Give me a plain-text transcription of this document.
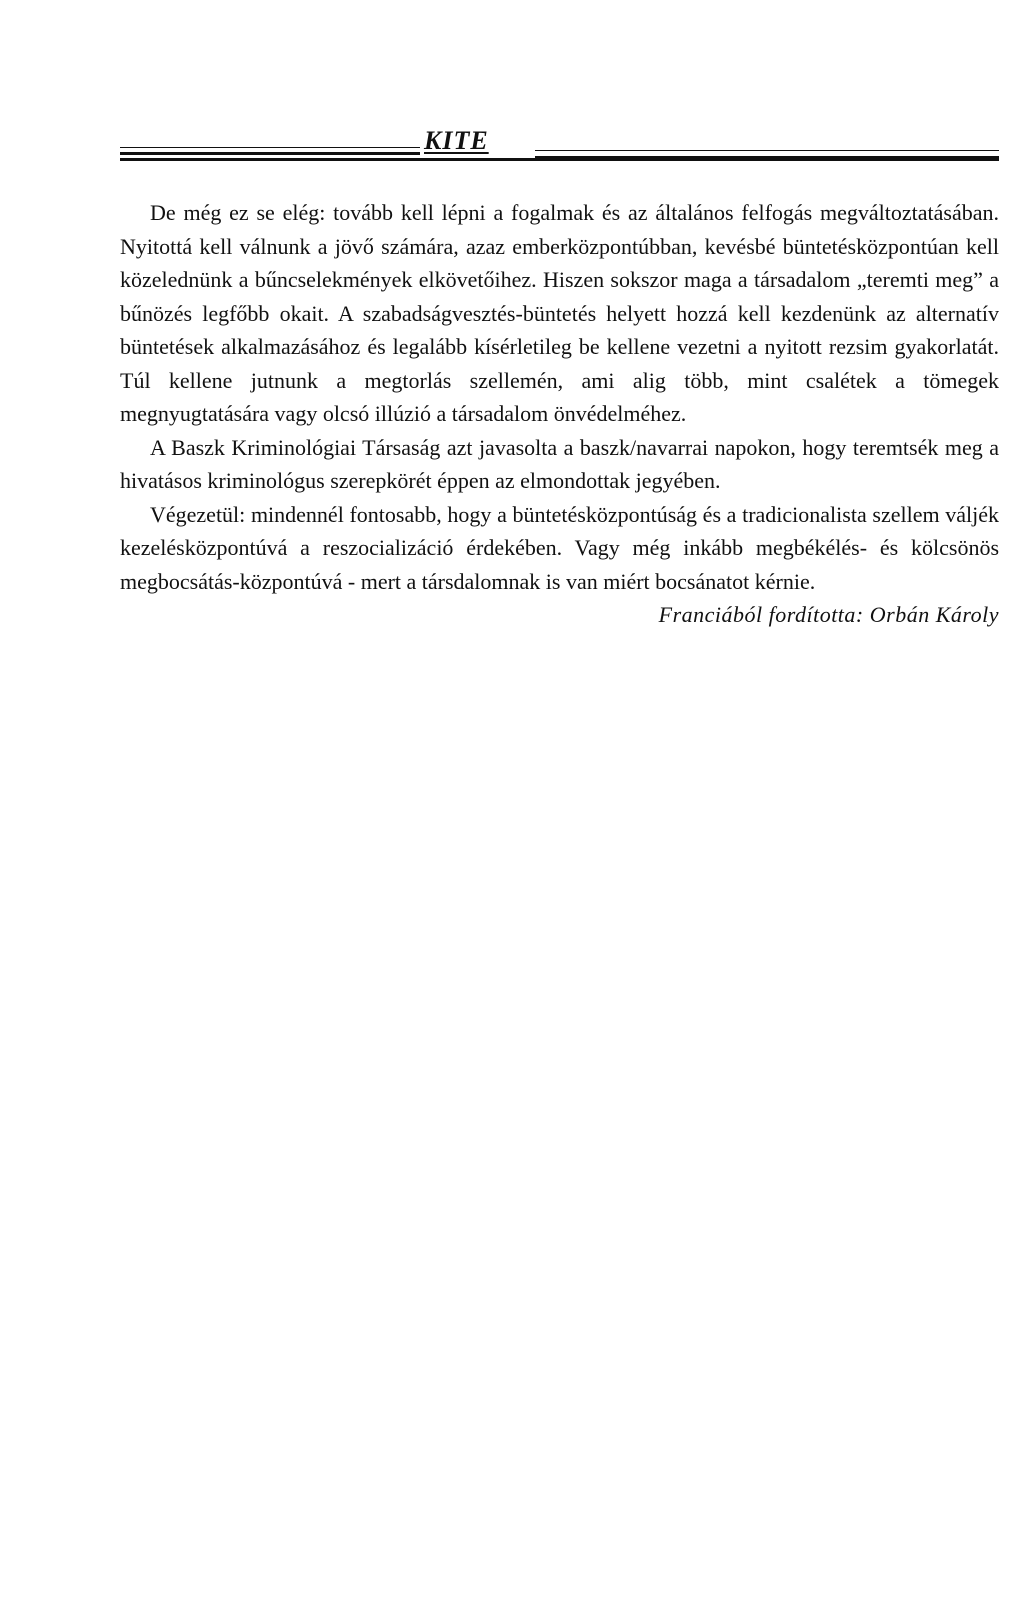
KITE

De még ez se elég: tovább kell lépni a fogalmak és az általános felfogás megváltoztatásában. Nyitottá kell válnunk a jövő számára, azaz emberközpontúbban, kevésbé büntetésközpontúan kell közelednünk a bűncselekmények elkövetőihez. Hiszen sokszor maga a társadalom „teremti meg” a bűnözés legfőbb okait. A szabadságvesztés-büntetés helyett hozzá kell kezdenünk az alternatív büntetések alkalmazásához és legalább kísérletileg be kellene vezetni a nyitott rezsim gyakorlatát. Túl kellene jutnunk a megtorlás szellemén, ami alig több, mint csalétek a tömegek megnyugtatására vagy olcsó illúzió a társadalom önvédelméhez.

A Baszk Kriminológiai Társaság azt javasolta a baszk/navarrai napokon, hogy teremtsék meg a hivatásos kriminológus szerepkörét éppen az elmondottak jegyében.

Végezetül: mindennél fontosabb, hogy a büntetésközpontúság és a tradicionalista szellem váljék kezelésközpontúvá a reszocializáció érdekében. Vagy még inkább megbékélés- és kölcsönös megbocsátás-központúvá - mert a társdalomnak is van miért bocsánatot kérnie.

Franciából fordította: Orbán Károly
